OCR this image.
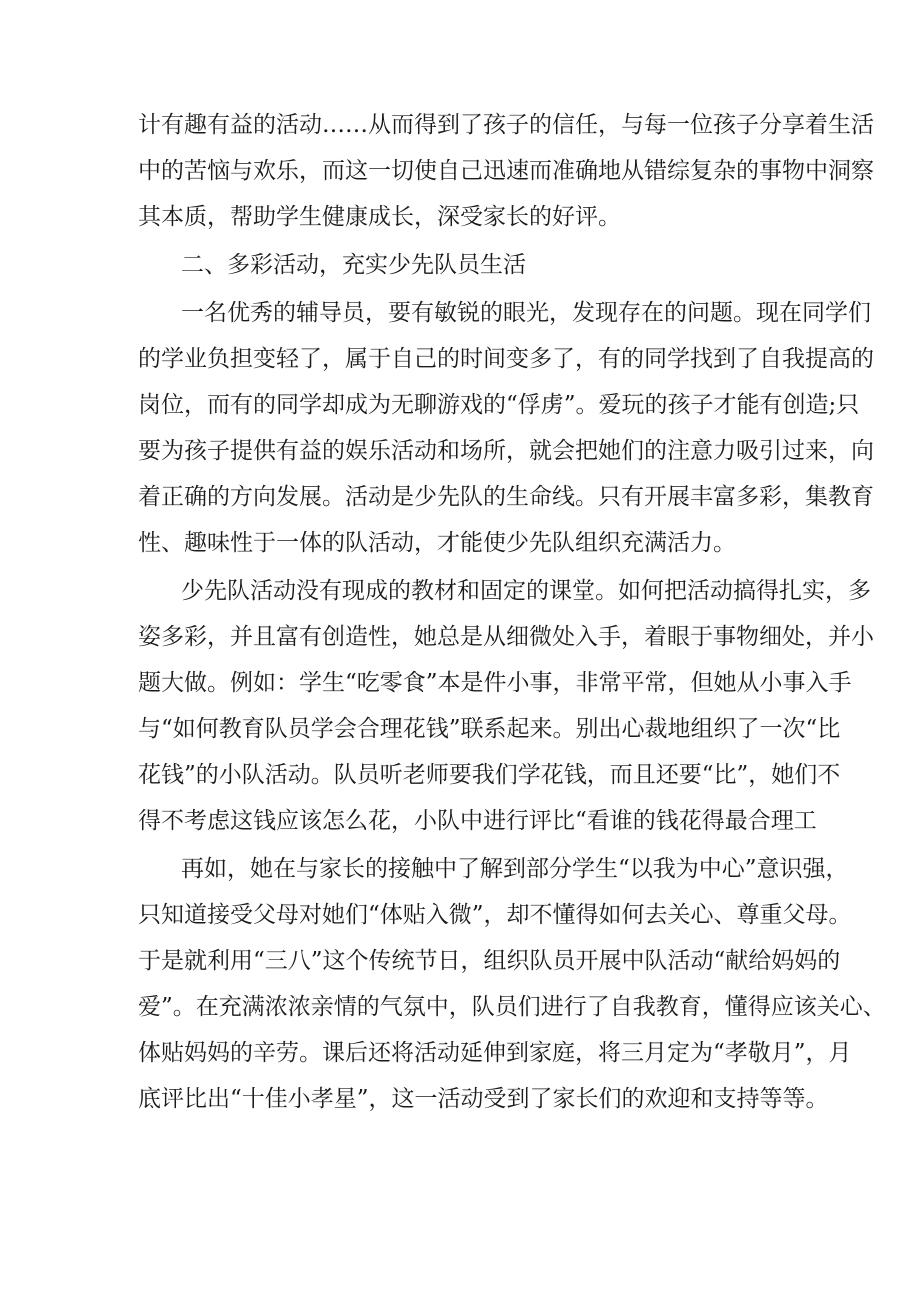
计有趣有益的活动……从而得到了孩子的信任，与每一位孩子分享着生活
中的苦恼与欢乐，而这一切使自己迅速而准确地从错综复杂的事物中洞察
其本质，帮助学生健康成长，深受家长的好评。
二、多彩活动，充实少先队员生活
一名优秀的辅导员，要有敏锐的眼光，发现存在的问题。现在同学们
的学业负担变轻了，属于自己的时间变多了，有的同学找到了自我提高的
岗位，而有的同学却成为无聊游戏的“俘虏”。爱玩的孩子才能有创造;只
要为孩子提供有益的娱乐活动和场所，就会把她们的注意力吸引过来，向
着正确的方向发展。活动是少先队的生命线。只有开展丰富多彩，集教育
性、趣味性于一体的队活动，才能使少先队组织充满活力。
少先队活动没有现成的教材和固定的课堂。如何把活动搞得扎实，多
姿多彩，并且富有创造性，她总是从细微处入手，着眼于事物细处，并小
题大做。例如：学生“吃零食”本是件小事，非常平常，但她从小事入手
与“如何教育队员学会合理花钱”联系起来。别出心裁地组织了一次“比
花钱”的小队活动。队员听老师要我们学花钱，而且还要“比”，她们不
得不考虑这钱应该怎么花，小队中进行评比“看谁的钱花得最合理工
再如，她在与家长的接触中了解到部分学生“以我为中心”意识强，
只知道接受父母对她们“体贴入微”，却不懂得如何去关心、尊重父母。
于是就利用“三八”这个传统节日，组织队员开展中队活动“献给妈妈的
爱”。在充满浓浓亲情的气氛中，队员们进行了自我教育，懂得应该关心、
体贴妈妈的辛劳。课后还将活动延伸到家庭，将三月定为“孝敬月”，月
底评比出“十佳小孝星”，这一活动受到了家长们的欢迎和支持等等。
